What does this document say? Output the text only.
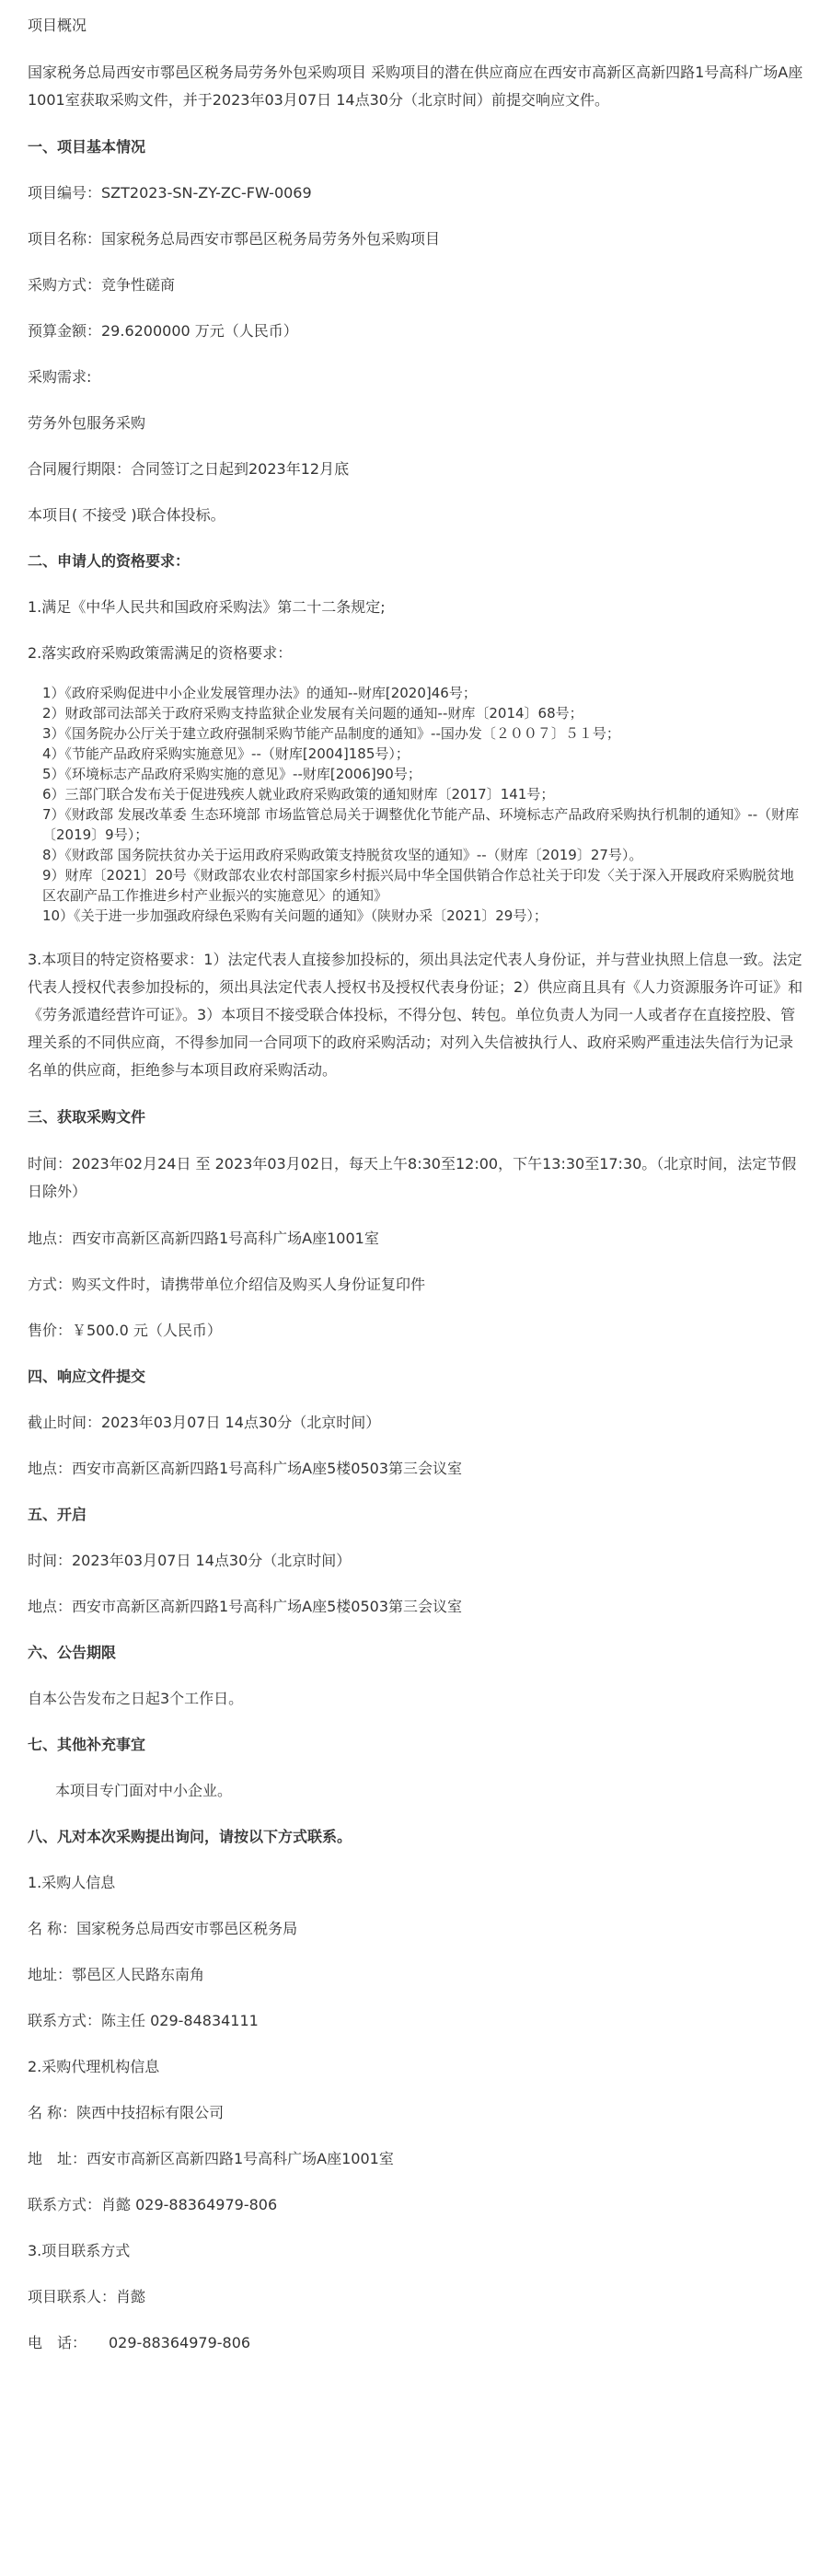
项目概况

国家税务总局西安市鄠邑区税务局劳务外包采购项目 采购项目的潜在供应商应在西安市高新区高新四路1号高科广场A座1001室获取采购文件，并于2023年03月07日 14点30分（北京时间）前提交响应文件。

一、项目基本情况

项目编号：SZT2023-SN-ZY-ZC-FW-0069

项目名称：国家税务总局西安市鄠邑区税务局劳务外包采购项目

采购方式：竞争性磋商

预算金额：29.6200000 万元（人民币）

采购需求:

劳务外包服务采购

合同履行期限：合同签订之日起到2023年12月底

本项目( 不接受 )联合体投标。

二、申请人的资格要求：

1.满足《中华人民共和国政府采购法》第二十二条规定;

2.落实政府采购政策需满足的资格要求：

1）《政府采购促进中小企业发展管理办法》的通知--财库[2020]46号；

2）财政部司法部关于政府采购支持监狱企业发展有关问题的通知--财库〔2014〕68号；

3）《国务院办公厅关于建立政府强制采购节能产品制度的通知》--国办发〔２００７〕５１号；

4）《节能产品政府采购实施意见》--（财库[2004]185号）；

5）《环境标志产品政府采购实施的意见》--财库[2006]90号；

6）三部门联合发布关于促进残疾人就业政府采购政策的通知财库〔2017〕141号；

7）《财政部 发展改革委 生态环境部 市场监管总局关于调整优化节能产品、环境标志产品政府采购执行机制的通知》--（财库〔2019〕9号）；

8）《财政部 国务院扶贫办关于运用政府采购政策支持脱贫攻坚的通知》--（财库〔2019〕27号）。

9）财库〔2021〕20号《财政部农业农村部国家乡村振兴局中华全国供销合作总社关于印发〈关于深入开展政府采购脱贫地区农副产品工作推进乡村产业振兴的实施意见〉的通知》

10）《关于进一步加强政府绿色采购有关问题的通知》（陕财办采〔2021〕29号）；

3.本项目的特定资格要求：1）法定代表人直接参加投标的，须出具法定代表人身份证，并与营业执照上信息一致。法定代表人授权代表参加投标的，须出具法定代表人授权书及授权代表身份证；2）供应商且具有《人力资源服务许可证》和《劳务派遣经营许可证》。3）本项目不接受联合体投标，不得分包、转包。单位负责人为同一人或者存在直接控股、管理关系的不同供应商，不得参加同一合同项下的政府采购活动；对列入失信被执行人、政府采购严重违法失信行为记录名单的供应商，拒绝参与本项目政府采购活动。

三、获取采购文件

时间：2023年02月24日 至 2023年03月02日，每天上午8:30至12:00，下午13:30至17:30。（北京时间，法定节假日除外）

地点：西安市高新区高新四路1号高科广场A座1001室

方式：购买文件时，请携带单位介绍信及购买人身份证复印件

售价：￥500.0 元（人民币）

四、响应文件提交

截止时间：2023年03月07日 14点30分（北京时间）

地点：西安市高新区高新四路1号高科广场A座5楼0503第三会议室

五、开启

时间：2023年03月07日 14点30分（北京时间）

地点：西安市高新区高新四路1号高科广场A座5楼0503第三会议室

六、公告期限

自本公告发布之日起3个工作日。

七、其他补充事宜

本项目专门面对中小企业。

八、凡对本次采购提出询问，请按以下方式联系。

1.采购人信息

名 称：国家税务总局西安市鄠邑区税务局

地址：鄠邑区人民路东南角

联系方式：陈主任 029-84834111

2.采购代理机构信息

名 称：陕西中技招标有限公司

地　址：西安市高新区高新四路1号高科广场A座1001室

联系方式：肖懿 029-88364979-806

3.项目联系方式

项目联系人：肖懿

电　话：　　029-88364979-806
